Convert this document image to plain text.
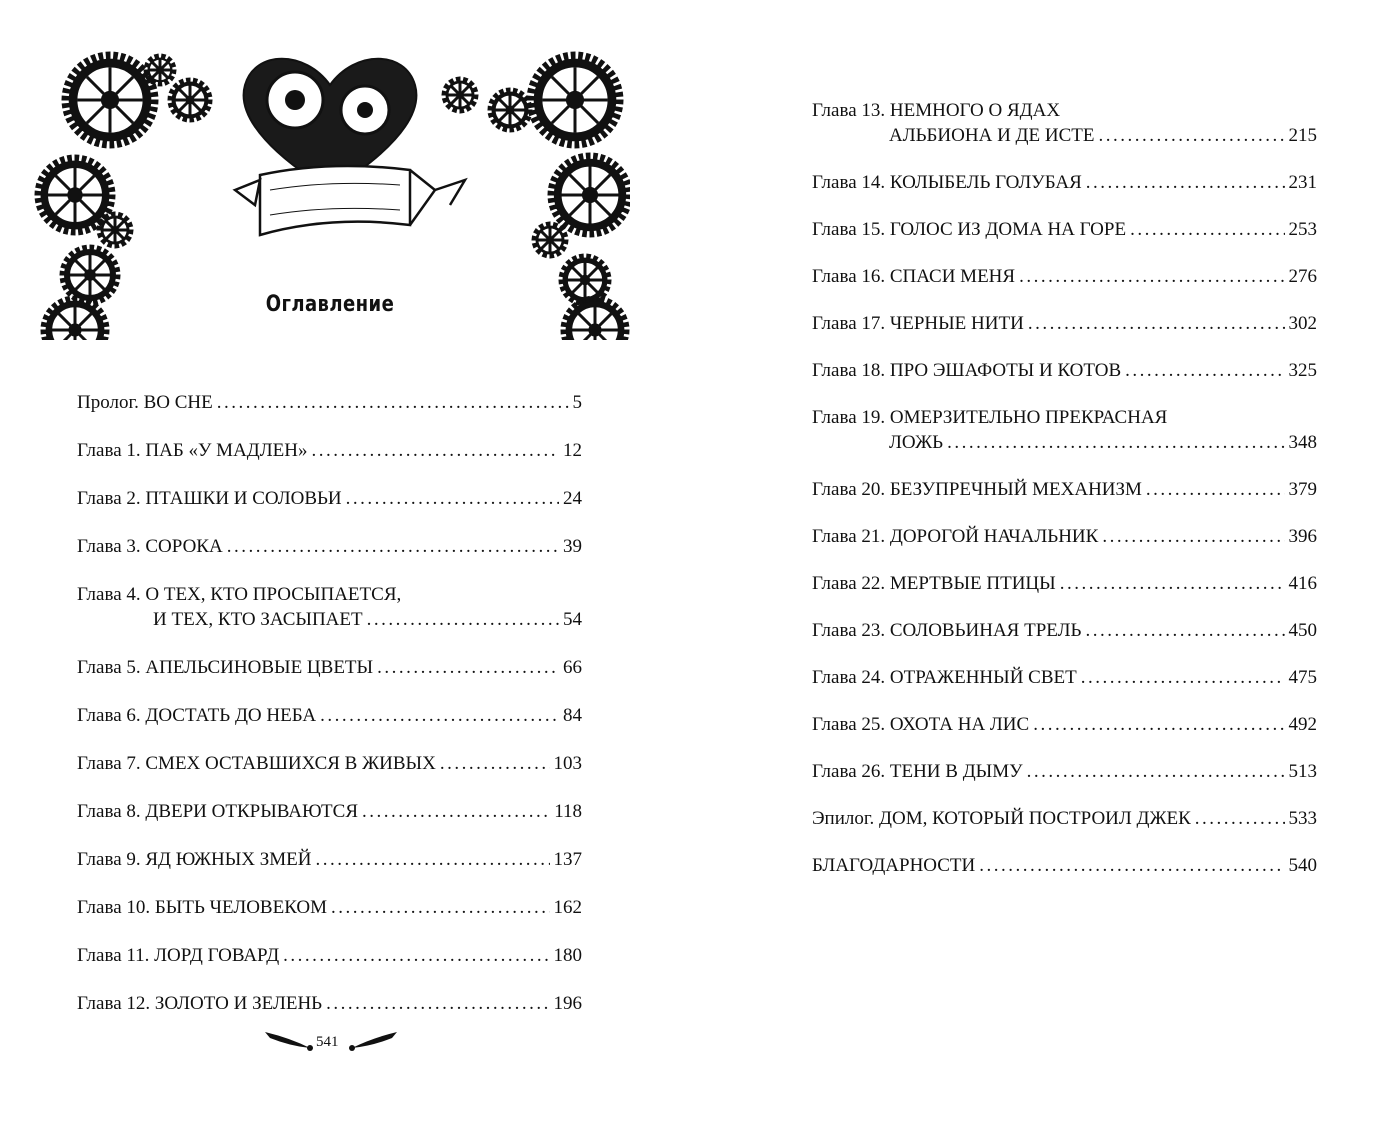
Оглавление
Пролог. ВО СНЕ .....	5
Глава 1. ПАБ «У МАДЛЕН» .....	12
Глава 2. ПТАШКИ И СОЛОВЬИ .....	24
Глава 3. СОРОКА .....	39
Глава 4. О ТЕХ, КТО ПРОСЫПАЕТСЯ,
И ТЕХ, КТО ЗАСЫПАЕТ .....	54
Глава 5. АПЕЛЬСИНОВЫЕ ЦВЕТЫ .....	66
Глава 6. ДОСТАТЬ ДО НЕБА .....	84
Глава 7. СМЕХ ОСТАВШИХСЯ В ЖИВЫХ .....	103
Глава 8. ДВЕРИ ОТКРЫВАЮТСЯ .....	118
Глава 9. ЯД ЮЖНЫХ ЗМЕЙ .....	137
Глава 10. БЫТЬ ЧЕЛОВЕКОМ .....	162
Глава 11. ЛОРД ГОВАРД .....	180
Глава 12. ЗОЛОТО И ЗЕЛЕНЬ .....	196
541
Глава 13. НЕМНОГО О ЯДАХ
АЛЬБИОНА И ДЕ ИСТЕ .....	215
Глава 14. КОЛЫБЕЛЬ ГОЛУБАЯ .....	231
Глава 15. ГОЛОС ИЗ ДОМА НА ГОРЕ .....	253
Глава 16. СПАСИ МЕНЯ .....	276
Глава 17. ЧЕРНЫЕ НИТИ .....	302
Глава 18. ПРО ЭШАФОТЫ И КОТОВ .....	325
Глава 19. ОМЕРЗИТЕЛЬНО ПРЕКРАСНАЯ
ЛОЖЬ .....	348
Глава 20. БЕЗУПРЕЧНЫЙ МЕХАНИЗМ .....	379
Глава 21. ДОРОГОЙ НАЧАЛЬНИК .....	396
Глава 22. МЕРТВЫЕ ПТИЦЫ .....	416
Глава 23. СОЛОВЬИНАЯ ТРЕЛЬ .....	450
Глава 24. ОТРАЖЕННЫЙ СВЕТ .....	475
Глава 25. ОХОТА НА ЛИС .....	492
Глава 26. ТЕНИ В ДЫМУ .....	513
Эпилог. ДОМ, КОТОРЫЙ ПОСТРОИЛ ДЖЕК .....	533
БЛАГОДАРНОСТИ .....	540
